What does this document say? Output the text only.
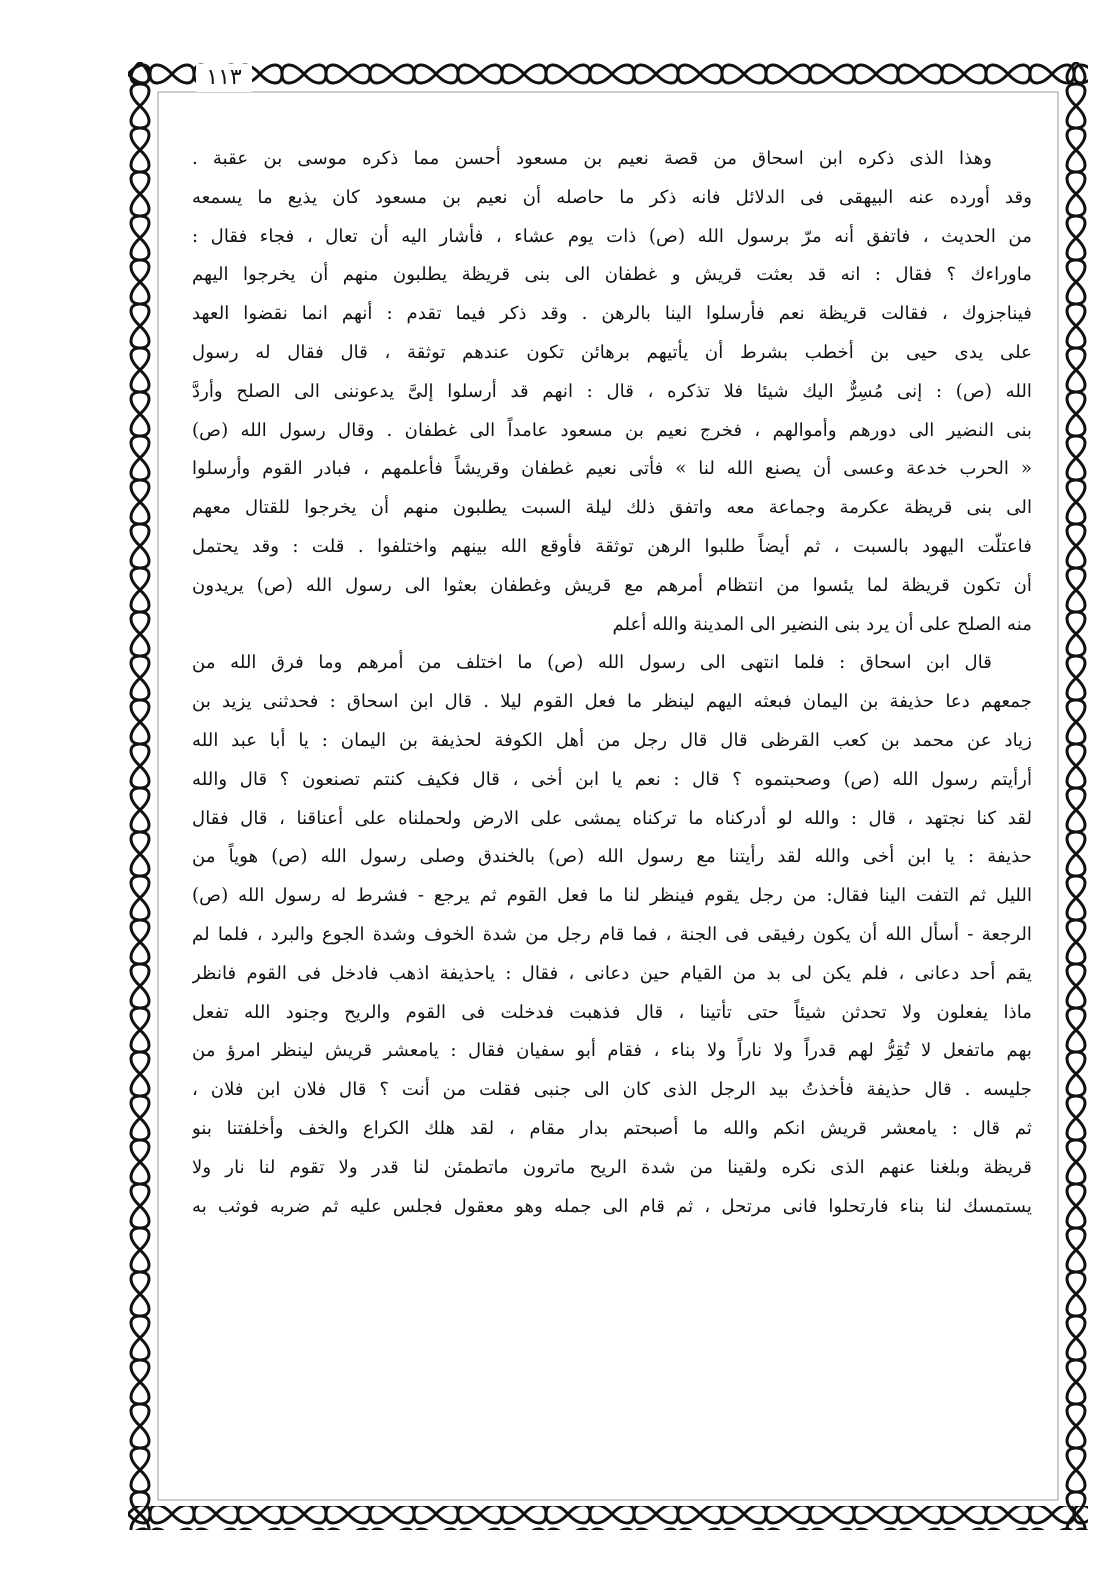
١١٣
وهذا الذى ذكره ابن اسحاق من قصة نعيم بن مسعود أحسن مما ذكره موسى بن عقبة .
وقد أورده عنه البيهقى فى الدلائل فانه ذكر ما حاصله أن نعيم بن مسعود كان يذيع ما يسمعه
من الحديث ، فاتفق أنه مرّ برسول الله (ص) ذات يوم عشاء ، فأشار اليه أن تعال ، فجاء فقال :
ماوراءك ؟ فقال : انه قد بعثت قريش و غطفان الى بنى قريظة يطلبون منهم أن يخرجوا اليهم
فيناجزوك ، فقالت قريظة نعم فأرسلوا الينا بالرهن . وقد ذكر فيما تقدم : أنهم انما نقضوا العهد
على يدى حيى بن أخطب بشرط أن يأتيهم برهائن تكون عندهم توثقة ، قال فقال له رسول
الله (ص) : إنى مُسِرٌّ اليك شيئا فلا تذكره ، قال : انهم قد أرسلوا إلىَّ يدعوننى الى الصلح وأردَّ
بنى النضير الى دورهم وأموالهم ، فخرج نعيم بن مسعود عامداً الى غطفان . وقال رسول الله (ص)
« الحرب خدعة وعسى أن يصنع الله لنا » فأتى نعيم غطفان وقريشاً فأعلمهم ، فبادر القوم وأرسلوا
الى بنى قريظة عكرمة وجماعة معه واتفق ذلك ليلة السبت يطلبون منهم أن يخرجوا للقتال معهم
فاعتلّت اليهود بالسبت ، ثم أيضاً طلبوا الرهن توثقة فأوقع الله بينهم واختلفوا . قلت : وقد يحتمل
أن تكون قريظة لما يئسوا من انتظام أمرهم مع قريش وغطفان بعثوا الى رسول الله (ص) يريدون
منه الصلح على أن يرد بنى النضير الى المدينة والله أعلم
قال ابن اسحاق : فلما انتهى الى رسول الله (ص) ما اختلف من أمرهم وما فرق الله من
جمعهم دعا حذيفة بن اليمان فبعثه اليهم لينظر ما فعل القوم ليلا . قال ابن اسحاق : فحدثنى يزيد بن
زياد عن محمد بن كعب القرظى قال قال رجل من أهل الكوفة لحذيفة بن اليمان : يا أبا عبد الله
أرأيتم رسول الله (ص) وصحبتموه ؟ قال : نعم يا ابن أخى ، قال فكيف كنتم تصنعون ؟ قال والله
لقد كنا نجتهد ، قال : والله لو أدركناه ما تركناه يمشى على الارض ولحملناه على أعناقنا ، قال فقال
حذيفة : يا ابن أخى والله لقد رأيتنا مع رسول الله (ص) بالخندق وصلى رسول الله (ص) هوياً من
الليل ثم التفت الينا فقال: من رجل يقوم فينظر لنا ما فعل القوم ثم يرجع - فشرط له رسول الله (ص)
الرجعة - أسأل الله أن يكون رفيقى فى الجنة ، فما قام رجل من شدة الخوف وشدة الجوع والبرد ، فلما لم
يقم أحد دعانى ، فلم يكن لى بد من القيام حين دعانى ، فقال : ياحذيفة اذهب فادخل فى القوم فانظر
ماذا يفعلون ولا تحدثن شيئاً حتى تأتينا ، قال فذهبت فدخلت فى القوم والريح وجنود الله تفعل
بهم ماتفعل لا تُقِرُّ لهم قدراً ولا ناراً ولا بناء ، فقام أبو سفيان فقال : يامعشر قريش لينظر امرؤ من
جليسه . قال حذيفة فأخذتُ بيد الرجل الذى كان الى جنبى فقلت من أنت ؟ قال فلان ابن فلان ،
ثم قال : يامعشر قريش انكم والله ما أصبحتم بدار مقام ، لقد هلك الكراع والخف وأخلفتنا بنو
قريظة وبلغنا عنهم الذى نكره ولقينا من شدة الريح ماترون ماتطمئن لنا قدر ولا تقوم لنا نار ولا
يستمسك لنا بناء فارتحلوا فانى مرتحل ، ثم قام الى جمله وهو معقول فجلس عليه ثم ضربه فوثب به
